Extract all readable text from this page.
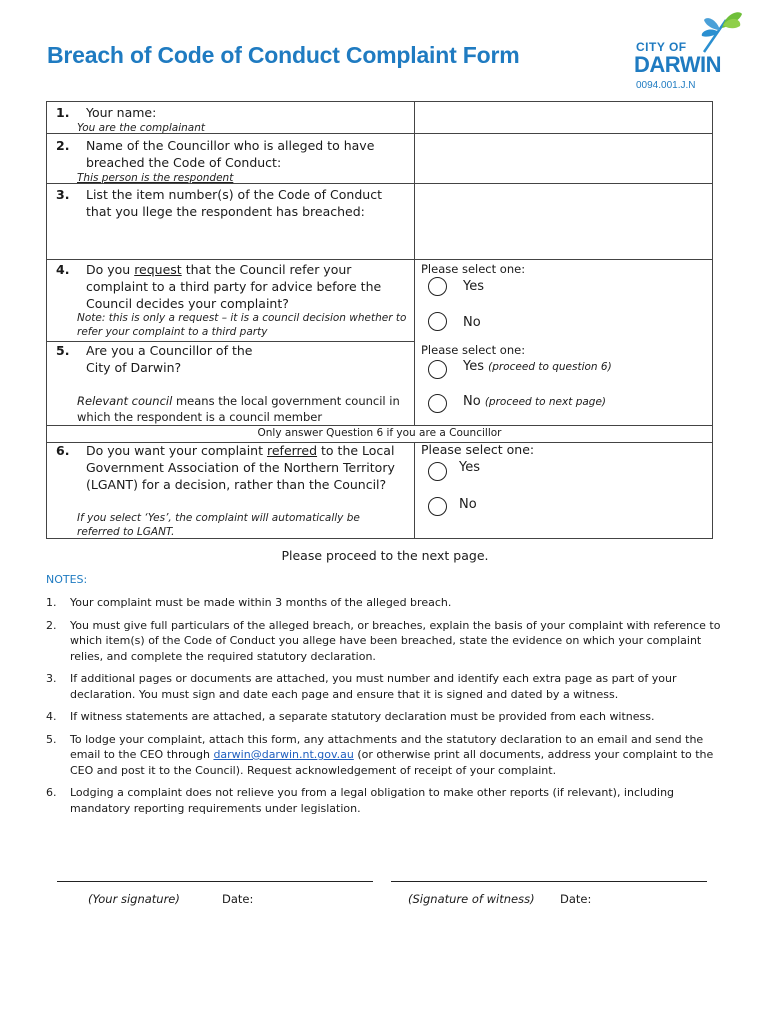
Breach of Code of Conduct Complaint Form	CITY OF
DARWIN
0094.001.J.N
1. Your name:
You are the complainant
2. Name of the Councillor who is alleged to have breached the Code of Conduct:
This person is the respondent
3. List the item number(s) of the Code of Conduct that you llege the respondent has breached:
4. Do you request that the Council refer your complaint to a third party for advice before the Council decides your complaint?
Note: this is only a request – it is a council decision whether to refer your complaint to a third party
Please select one:
Yes
No
5. Are you a Councillor of the City of Darwin?
Relevant council means the local government council in which the respondent is a council member
Please select one:
Yes (proceed to question 6)
No (proceed to next page)
Only answer Question 6 if you are a Councillor
6. Do you want your complaint referred to the Local Government Association of the Northern Territory (LGANT) for a decision, rather than the Council?
If you select ‘Yes’, the complaint will automatically be referred to LGANT.
Please select one:
Yes
No
Please proceed to the next page.
NOTES:
1. Your complaint must be made within 3 months of the alleged breach.
2. You must give full particulars of the alleged breach, or breaches, explain the basis of your complaint with reference to which item(s) of the Code of Conduct you allege have been breached, state the evidence on which your complaint relies, and complete the required statutory declaration.
3. If additional pages or documents are attached, you must number and identify each extra page as part of your declaration. You must sign and date each page and ensure that it is signed and dated by a witness.
4. If witness statements are attached, a separate statutory declaration must be provided from each witness.
5. To lodge your complaint, attach this form, any attachments and the statutory declaration to an email and send the email to the CEO through darwin@darwin.nt.gov.au (or otherwise print all documents, address your complaint to the CEO and post it to the Council). Request acknowledgement of receipt of your complaint.
6. Lodging a complaint does not relieve you from a legal obligation to make other reports (if relevant), including mandatory reporting requirements under legislation.
(Your signature)	Date:	(Signature of witness) Date:
